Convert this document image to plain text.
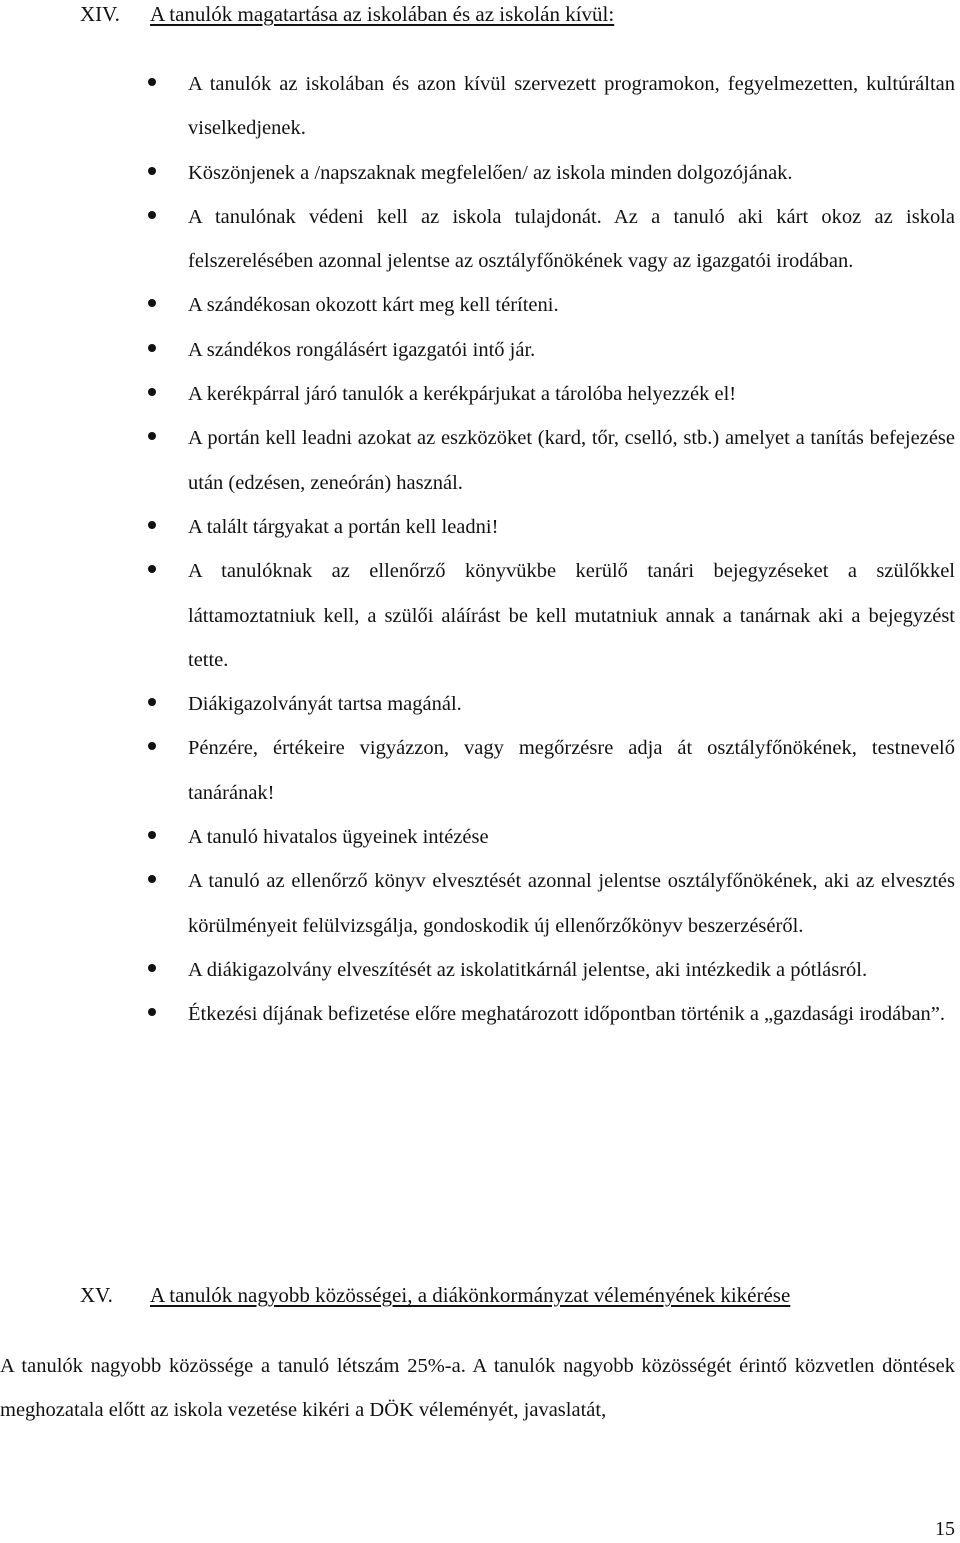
XIV. A tanulók magatartása az iskolában és az iskolán kívül:
A tanulók az iskolában és azon kívül szervezett programokon, fegyelmezetten, kultúráltan viselkedjenek.
Köszönjenek a /napszaknak megfelelően/ az iskola minden dolgozójának.
A tanulónak védeni kell az iskola tulajdonát. Az a tanuló aki kárt okoz az iskola felszerelésében azonnal jelentse az osztályfőnökének vagy az igazgatói irodában.
A szándékosan okozott kárt meg kell téríteni.
A szándékos rongálásért igazgatói intő jár.
A kerékpárral járó tanulók a kerékpárjukat a tárolóba helyezzék el!
A portán kell leadni azokat az eszközöket (kard, tőr, cselló, stb.) amelyet a tanítás befejezése után (edzésen, zeneórán) használ.
A talált tárgyakat a portán kell leadni!
A tanulóknak az ellenőrző könyvükbe kerülő tanári bejegyzéseket a szülőkkel láttamoztatniuk kell, a szülői aláírást be kell mutatniuk annak a tanárnak aki a bejegyzést tette.
Diákigazolványát tartsa magánál.
Pénzére, értékeire vigyázzon, vagy megőrzésre adja át osztályfőnökének, testnevelő tanárának!
A tanuló hivatalos ügyeinek intézése
A tanuló az ellenőrző könyv elvesztését azonnal jelentse osztályfőnökének, aki az elvesztés körülményeit felülvizsgálja, gondoskodik új ellenőrzőkönyv beszerzéséről.
A diákigazolvány elveszítését az iskolatitkárnál jelentse, aki intézkedik a pótlásról.
Étkezési díjának befizetése előre meghatározott időpontban történik a „gazdasági irodában”.
XV. A tanulók nagyobb közösségei, a diákönkormányzat véleményének kikérése

A tanulók nagyobb közössége a tanuló létszám 25%-a. A tanulók nagyobb közösségét érintő közvetlen döntések meghozatala előtt az iskola vezetése kikéri a DÖK véleményét, javaslatát,

15
